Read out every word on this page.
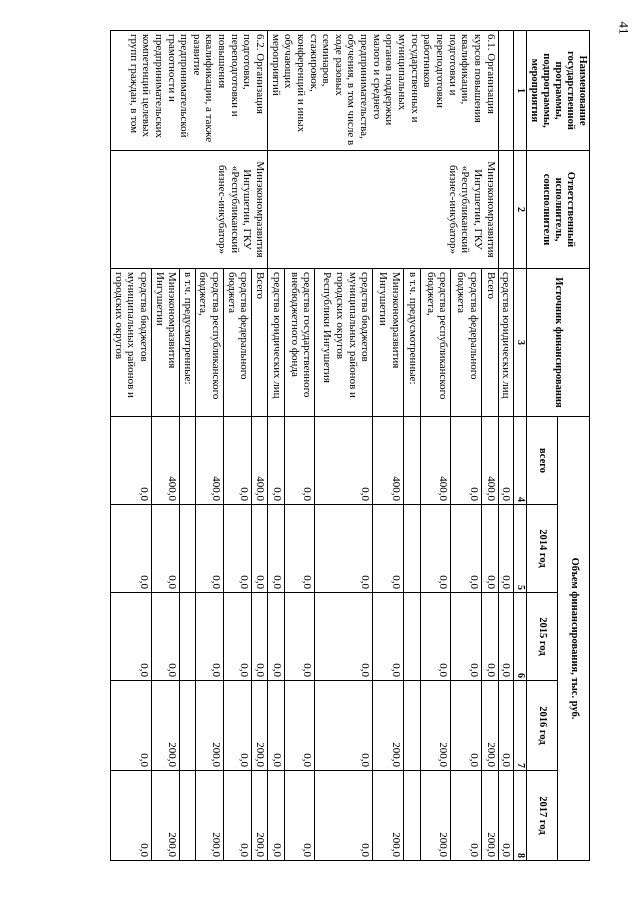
41
Наименование государственной программы, подпрограммы, мероприятия	Ответственный исполнитель, соисполнители	Источник финансирования	Объем финансирования, тыс. руб.				
			всего	2014 год	2015 год	2016 год	2017 год
1	2	3	4	5	6	7	8
		средства юридических лиц	0,0	0,0	0,0	0,0	0,0
6.1. Организация курсов повышения квалификации, подготовки и переподготовки работников государственных и муниципальных органов поддержки малого и среднего предпринимательства, обучения, в том числе в ходе разовых семинаров, стажировок, конференций и иных обучающих мероприятий	Минэкономразвития Ингушетии, ГКУ «Республиканский бизнес-инкубатор»	Всего	400,0	0,0	0,0	200,0	200,0
		средства федерального бюджета	0,0	0,0	0,0	0,0	0,0
		средства республиканского бюджета,	400,0	0,0	0,0	200,0	200,0
		в т.ч. предусмотренные:					
		Минэкономразвития Ингушетии	400,0	0,0	0,0	200,0	200,0
		средства бюджетов муниципальных районов и городских округов Республики Ингушетия	0,0	0,0	0,0	0,0	0,0
		средства государственного внебюджетного фонда	0,0	0,0	0,0	0,0	0,0
		средства юридических лиц	0,0	0,0	0,0	0,0	0,0
6.2. Организация подготовки, переподготовки и повышения квалификации, а также развитие предпринимательской грамотности и предпринимательских компетенций целевых групп граждан, в том	Минэкономразвития Ингушетии, ГКУ «Республиканский бизнес-инкубатор»	Всего	400,0	0,0	0,0	200,0	200,0
		средства федерального бюджета	0,0	0,0	0,0	0,0	0,0
		средства республиканского бюджета,	400,0	0,0	0,0	200,0	200,0
		в т.ч. предусмотренные:					
		Минэкономразвития Ингушетии	400,0	0,0	0,0	200,0	200,0
		средства бюджетов муниципальных районов и городских округов	0,0	0,0	0,0	0,0	0,0
